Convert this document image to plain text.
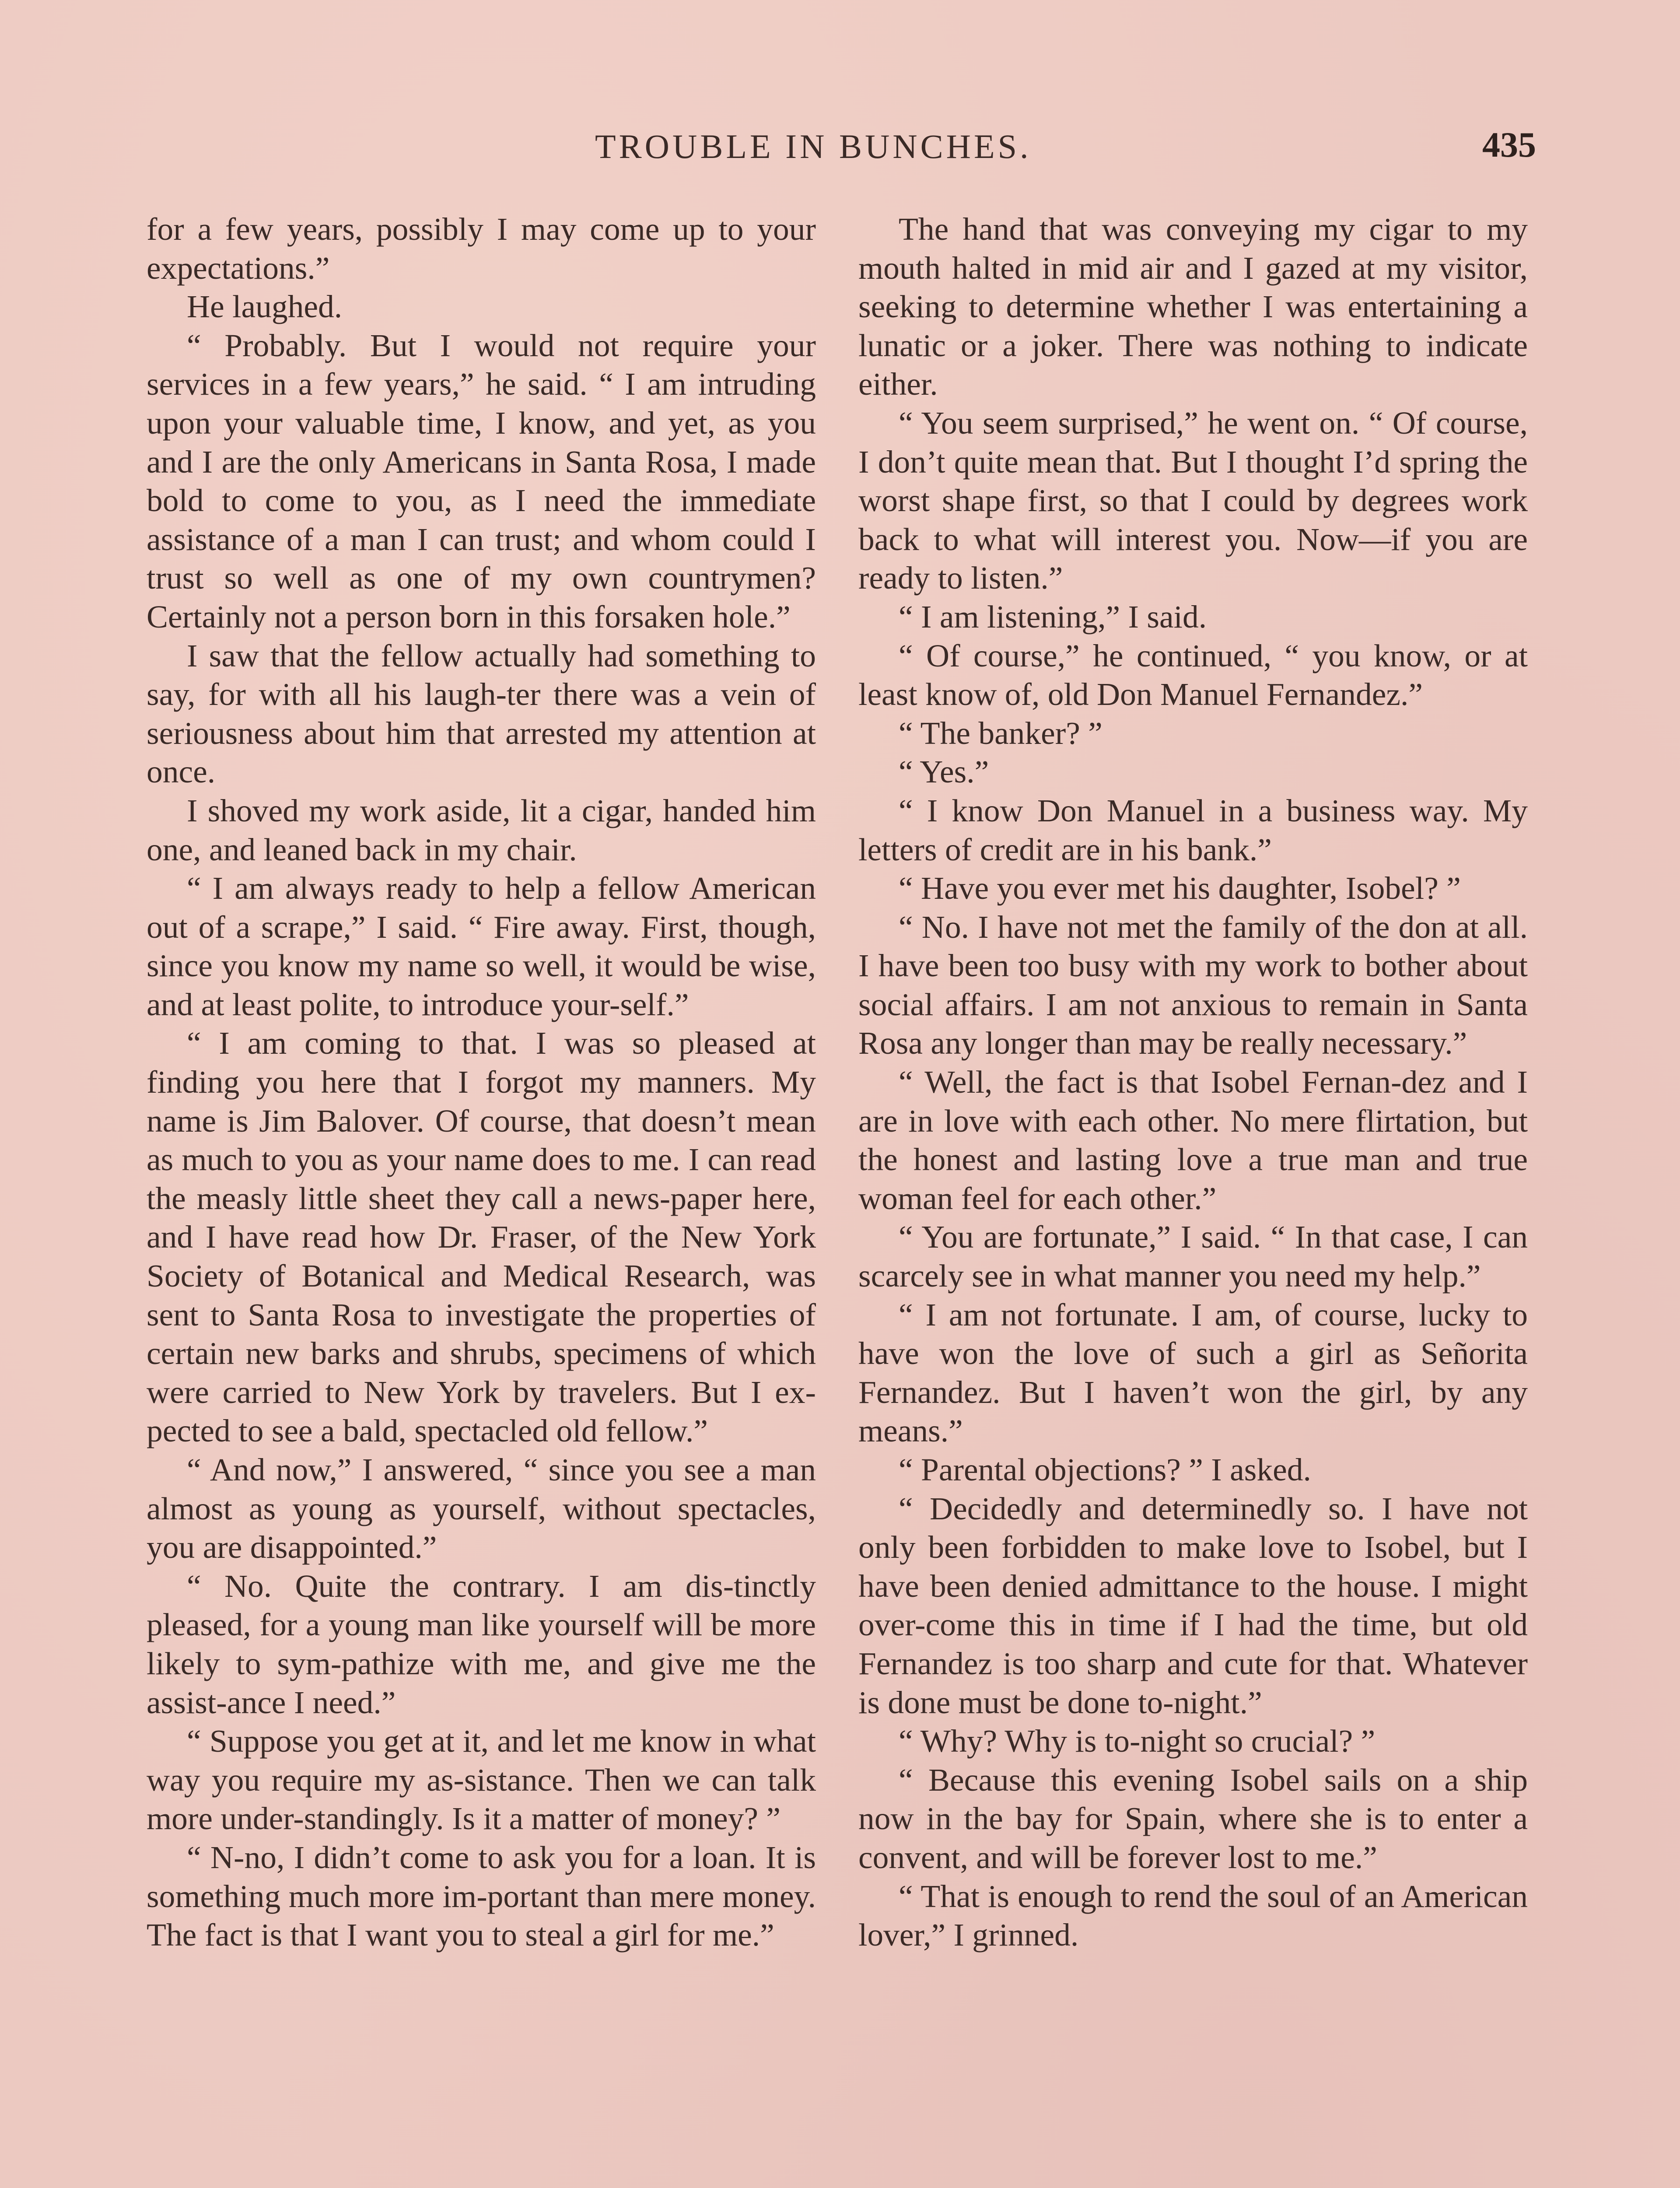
TROUBLE IN BUNCHES.	435

for a few years, possibly I may come up to your expectations.”

He laughed.

“ Probably. But I would not require your services in a few years,” he said. “ I am intruding upon your valuable time, I know, and yet, as you and I are the only Americans in Santa Rosa, I made bold to come to you, as I need the immediate assistance of a man I can trust; and whom could I trust so well as one of my own countrymen? Certainly not a person born in this forsaken hole.”

I saw that the fellow actually had something to say, for with all his laugh-ter there was a vein of seriousness about him that arrested my attention at once.

I shoved my work aside, lit a cigar, handed him one, and leaned back in my chair.

“ I am always ready to help a fellow American out of a scrape,” I said. “ Fire away. First, though, since you know my name so well, it would be wise, and at least polite, to introduce your-self.”

“ I am coming to that. I was so pleased at finding you here that I forgot my manners. My name is Jim Balover. Of course, that doesn’t mean as much to you as your name does to me. I can read the measly little sheet they call a news-paper here, and I have read how Dr. Fraser, of the New York Society of Botanical and Medical Research, was sent to Santa Rosa to investigate the properties of certain new barks and shrubs, specimens of which were carried to New York by travelers. But I ex-pected to see a bald, spectacled old fellow.”

“ And now,” I answered, “ since you see a man almost as young as yourself, without spectacles, you are disappointed.”

“ No. Quite the contrary. I am dis-tinctly pleased, for a young man like yourself will be more likely to sym-pathize with me, and give me the assist-ance I need.”

“ Suppose you get at it, and let me know in what way you require my as-sistance. Then we can talk more under-standingly. Is it a matter of money? ”

“ N-no, I didn’t come to ask you for a loan. It is something much more im-portant than mere money. The fact is that I want you to steal a girl for me.”

The hand that was conveying my cigar to my mouth halted in mid air and I gazed at my visitor, seeking to determine whether I was entertaining a lunatic or a joker. There was nothing to indicate either.

“ You seem surprised,” he went on. “ Of course, I don’t quite mean that. But I thought I’d spring the worst shape first, so that I could by degrees work back to what will interest you. Now—if you are ready to listen.”

“ I am listening,” I said.

“ Of course,” he continued, “ you know, or at least know of, old Don Manuel Fernandez.”

“ The banker? ”

“ Yes.”

“ I know Don Manuel in a business way. My letters of credit are in his bank.”

“ Have you ever met his daughter, Isobel? ”

“ No. I have not met the family of the don at all. I have been too busy with my work to bother about social affairs. I am not anxious to remain in Santa Rosa any longer than may be really necessary.”

“ Well, the fact is that Isobel Fernan-dez and I are in love with each other. No mere flirtation, but the honest and lasting love a true man and true woman feel for each other.”

“ You are fortunate,” I said. “ In that case, I can scarcely see in what manner you need my help.”

“ I am not fortunate. I am, of course, lucky to have won the love of such a girl as Señorita Fernandez. But I haven’t won the girl, by any means.”

“ Parental objections? ” I asked.

“ Decidedly and determinedly so. I have not only been forbidden to make love to Isobel, but I have been denied admittance to the house. I might over-come this in time if I had the time, but old Fernandez is too sharp and cute for that. Whatever is done must be done to-night.”

“ Why? Why is to-night so crucial? ”

“ Because this evening Isobel sails on a ship now in the bay for Spain, where she is to enter a convent, and will be forever lost to me.”

“ That is enough to rend the soul of an American lover,” I grinned.
